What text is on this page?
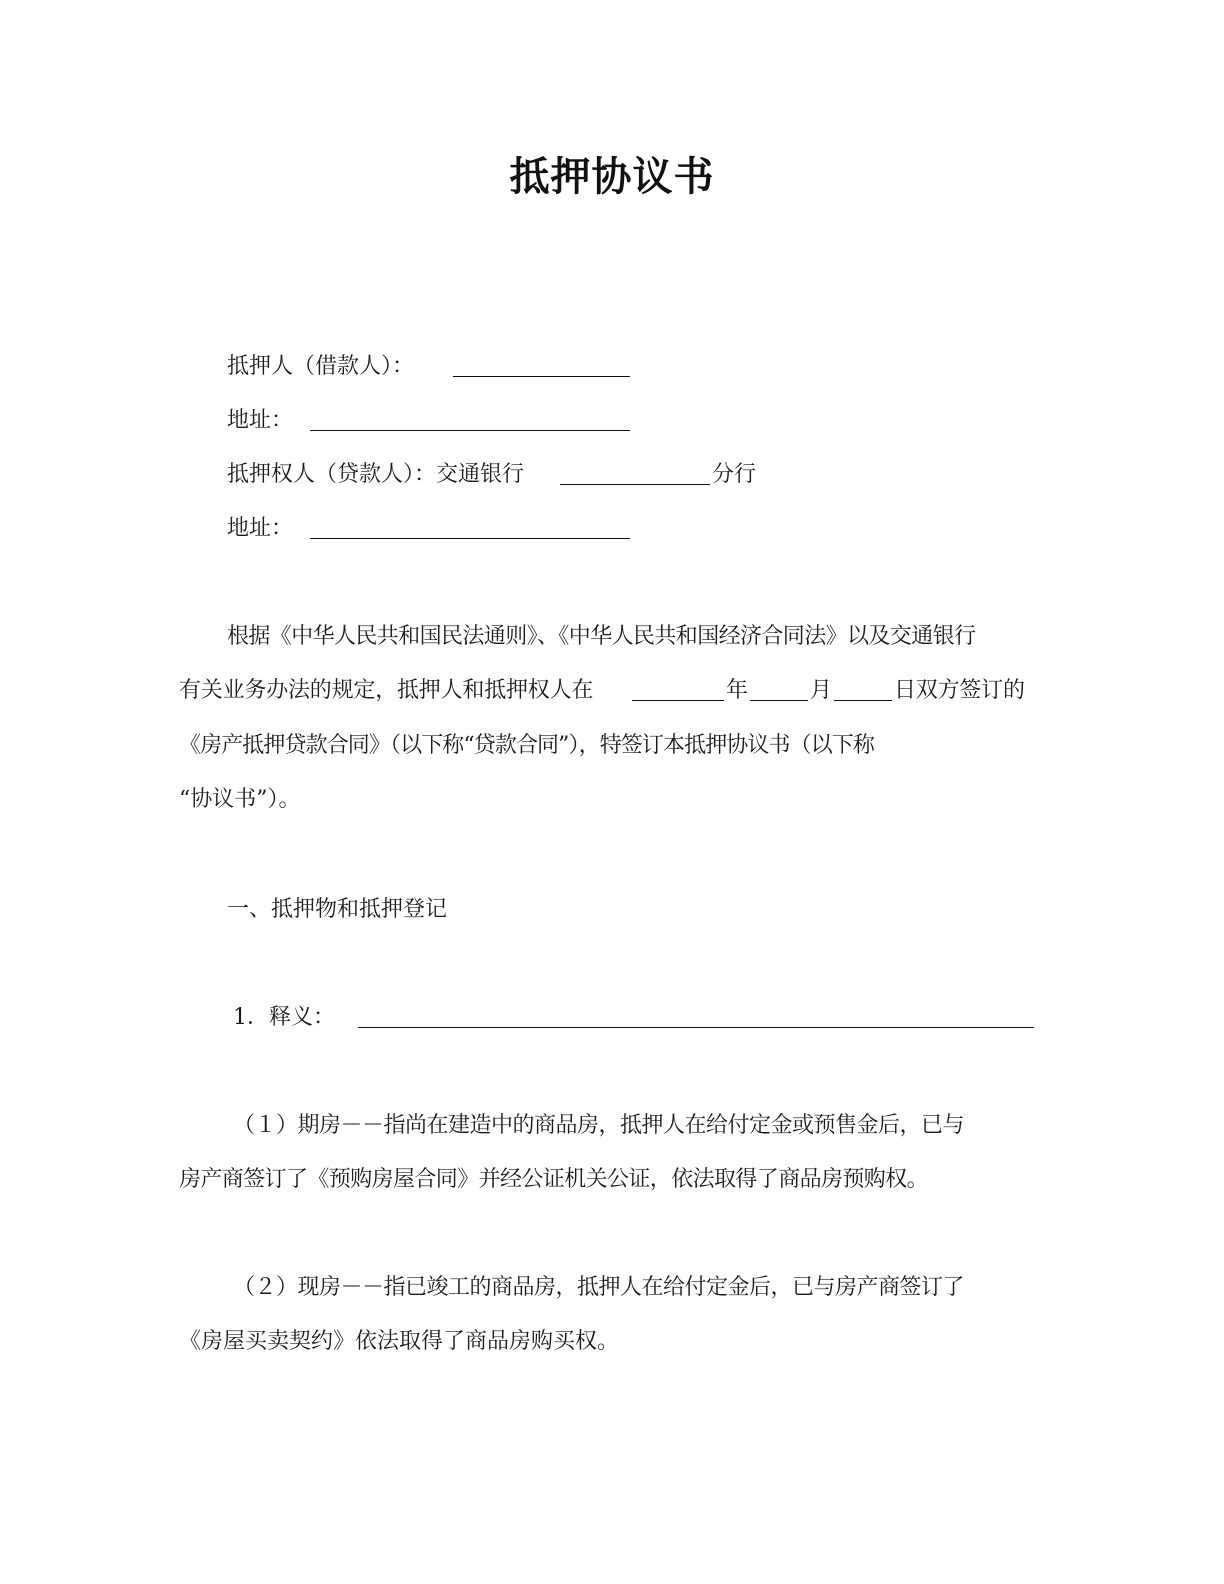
抵押协议书
抵押人（借款人）：
地址：
抵押权人（贷款人）：交通银行	分行
地址：
根据《中华人民共和国民法通则》、《中华人民共和国经济合同法》以及交通银行
有关业务办法的规定，抵押人和抵押权人在	年	月	日双方签订的
《房产抵押贷款合同》（以下称“贷款合同”），特签订本抵押协议书（以下称
“协议书”）。
一、抵押物和抵押登记
1．释义：
（１）期房－－指尚在建造中的商品房，抵押人在给付定金或预售金后，已与
房产商签订了《预购房屋合同》并经公证机关公证，依法取得了商品房预购权。
（２）现房－－指已竣工的商品房，抵押人在给付定金后，已与房产商签订了
《房屋买卖契约》依法取得了商品房购买权。
